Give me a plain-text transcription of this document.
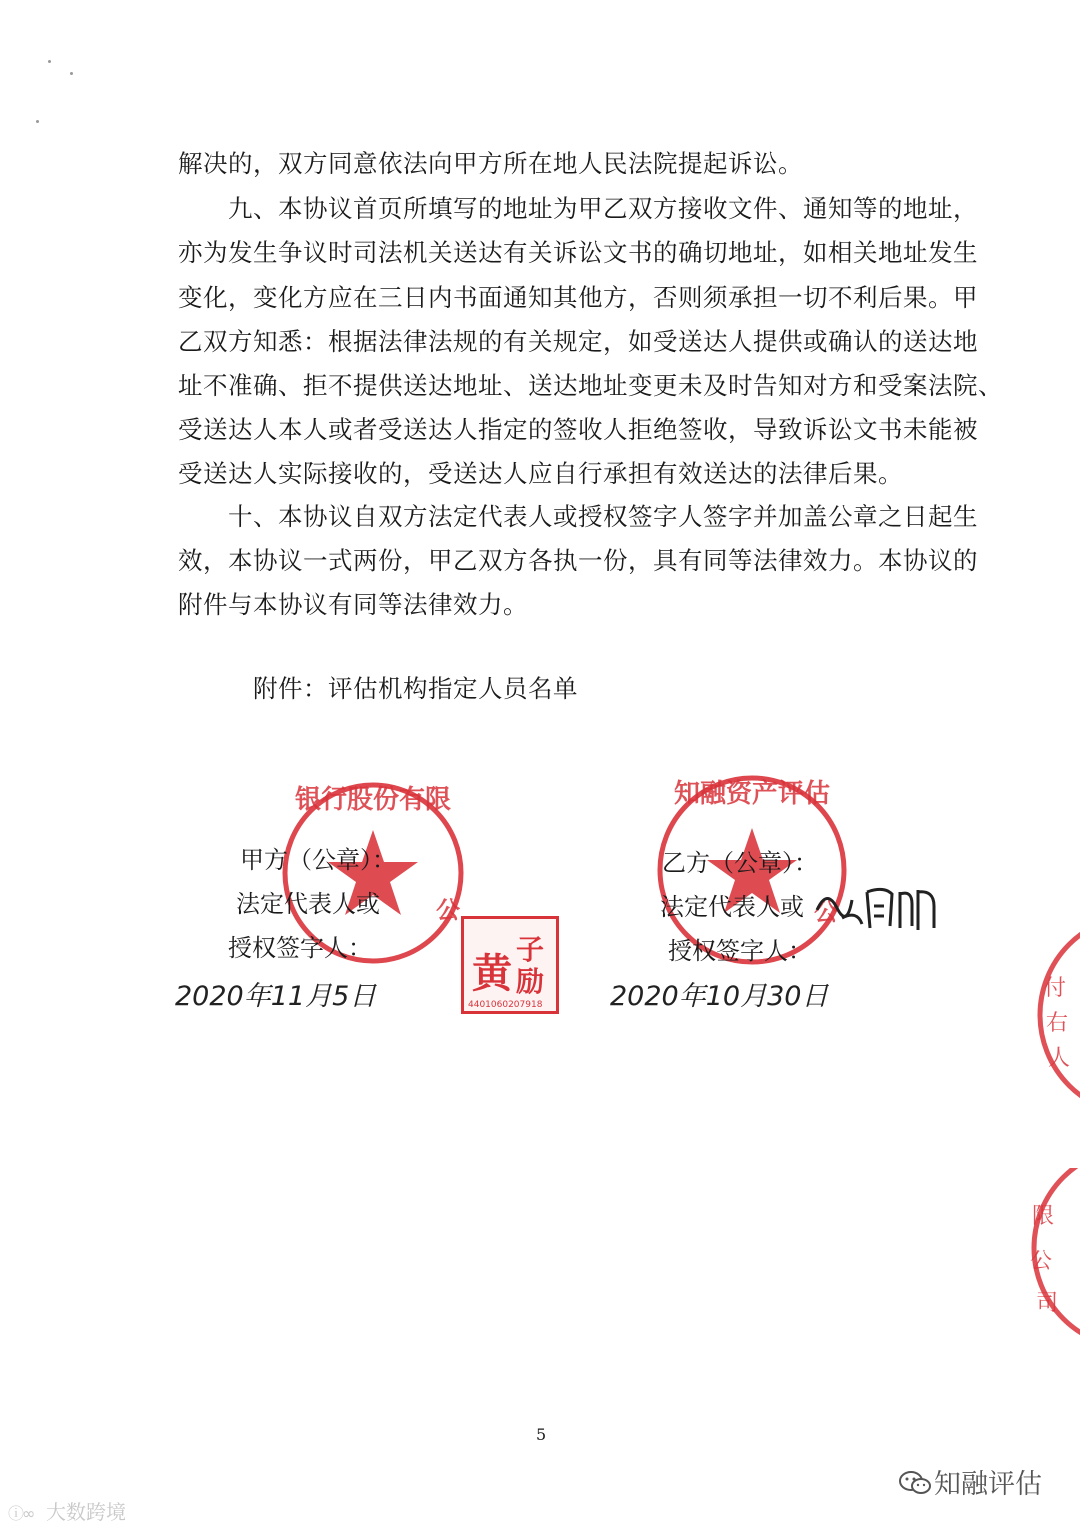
解决的，双方同意依法向甲方所在地人民法院提起诉讼。
　　九、本协议首页所填写的地址为甲乙双方接收文件、通知等的地址，
亦为发生争议时司法机关送达有关诉讼文书的确切地址，如相关地址发生
变化，变化方应在三日内书面通知其他方，否则须承担一切不利后果。甲
乙双方知悉：根据法律法规的有关规定，如受送达人提供或确认的送达地
址不准确、拒不提供送达地址、送达地址变更未及时告知对方和受案法院、
受送达人本人或者受送达人指定的签收人拒绝签收，导致诉讼文书未能被
受送达人实际接收的，受送达人应自行承担有效送达的法律后果。
　　十、本协议自双方法定代表人或授权签字人签字并加盖公章之日起生
效，本协议一式两份，甲乙双方各执一份，具有同等法律效力。本协议的
附件与本协议有同等法律效力。
附件：评估机构指定人员名单
银行股份有限
公
黄
子
励
4401060207918
甲方（公章）：
法定代表人或
授权签字人：
2020年11月5日
知融资产评估
公
乙方（公章）：
法定代表人或
授权签字人：
2020年10月30日	付
右
人
限
公
司
5
ⓘ∞ 大数跨境
知融评估
